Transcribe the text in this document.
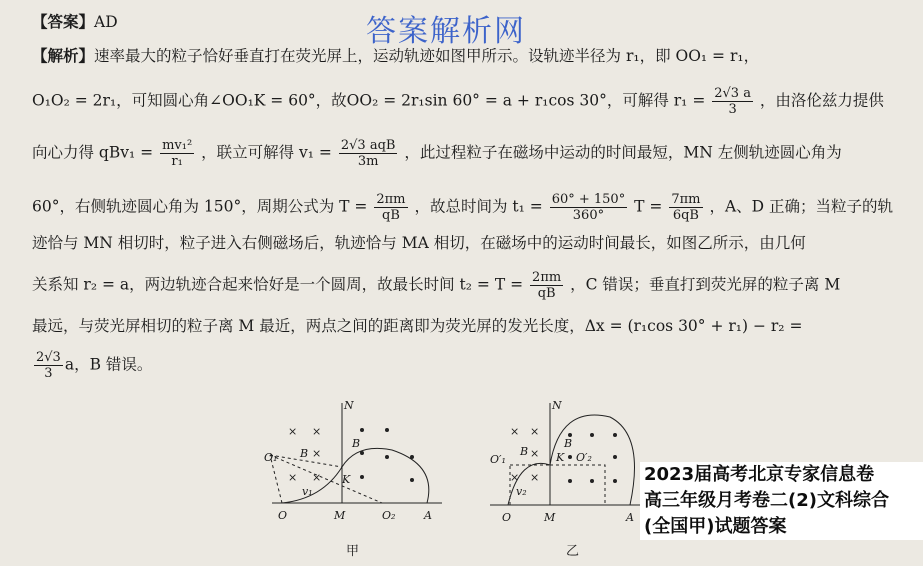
答案解析网
【答案】AD
【解析】速率最大的粒子恰好垂直打在荧光屏上，运动轨迹如图甲所示。设轨迹半径为 r₁，即 OO₁ = r₁，
O₁O₂ = 2r₁，可知圆心角∠OO₁K = 60°，故OO₂ = 2r₁sin 60° = a + r₁cos 30°，可解得 $r_1 = \frac{2√3 a}{3}$ ，由洛伦兹力提供
向心力得 $qBv_1 = \frac{\text{mv₁²}}{\text{r₁}}$ ，联立可解得 $v_1 = \frac{\text{2√3 aqB}}{3m}$ ，此过程粒子在磁场中运动的时间最短，MN 左侧轨迹圆心角为
60°，右侧轨迹圆心角为 150°，周期公式为 $T = \frac{2\pi m}{qB}$ ，故总时间为 $t_1 = \frac{60^\circ + 150^\circ}{360^\circ}$ $T = \frac{7\pi m}{6qB}$ ，A、D 正确；当粒子的轨
迹恰与 MN 相切时，粒子进入右侧磁场后，轨迹恰与 MA 相切，在磁场中的运动时间最长，如图乙所示，由几何
关系知 r₂ = a，两边轨迹合起来恰好是一个圆周，故最长时间 $t_2 = T = \frac{2\pi m}{qB}$ ，C 错误；垂直打到荧光屏的粒子离 M
最远，与荧光屏相切的粒子离 M 最近，两点之间的距离即为荧光屏的发光长度，Δx = (r₁cos 30° + r₁) − r₂ =
$\frac{2√3}{3}$ a，B 错误。
× ×
×
× ×
N
O₁ B
B
K
v₁
O	M	O₂	A
甲
× ×
× ×
×
N
O′₁
B
B
K O′₂
v₂
O	M	A
乙
2023届高考北京专家信息卷
高三年级月考卷二(2)文科综合
(全国甲)试题答案
